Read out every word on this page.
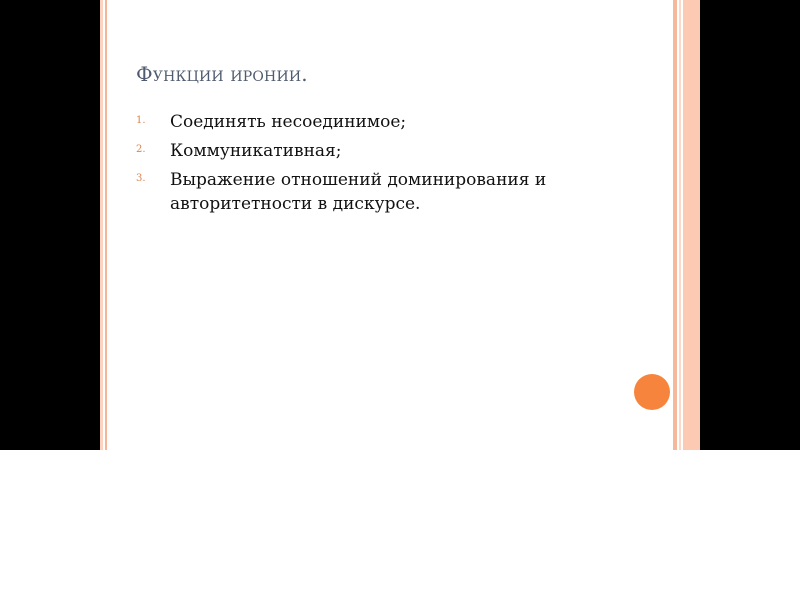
Функции иронии.
1.	Соединять несоединимое;
2.	Коммуникативная;
3.	Выражение отношений доминирования и авторитетности в дискурсе.
